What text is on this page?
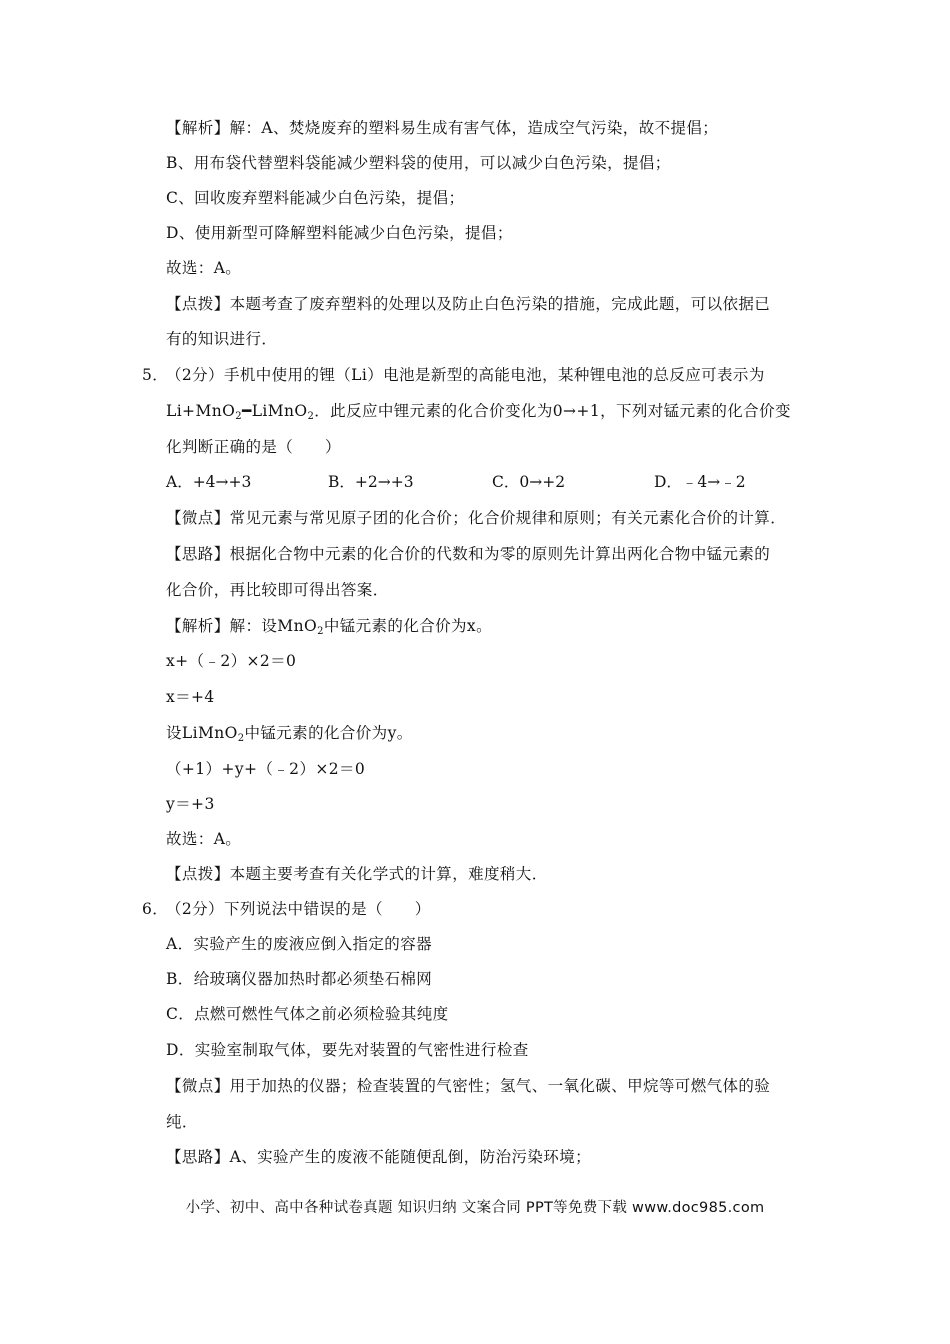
【解析】解：A、焚烧废弃的塑料易生成有害气体，造成空气污染，故不提倡；
B、用布袋代替塑料袋能减少塑料袋的使用，可以减少白色污染，提倡；
C、回收废弃塑料能减少白色污染，提倡；
D、使用新型可降解塑料能减少白色污染，提倡；
故选：A。
【点拨】本题考查了废弃塑料的处理以及防止白色污染的措施，完成此题，可以依据已
有的知识进行．
5．
（2分）手机中使用的锂（Li）电池是新型的高能电池，某种锂电池的总反应可表示为
Li+MnO$_2$━LiMnO$_2$．此反应中锂元素的化合价变化为0→+1，下列对锰元素的化合价变
化判断正确的是（　　）
A．+4→+3	B．+2→+3	C．0→+2	D．﹣4→﹣2
【微点】常见元素与常见原子团的化合价；化合价规律和原则；有关元素化合价的计算．
【思路】根据化合物中元素的化合价的代数和为零的原则先计算出两化合物中锰元素的
化合价，再比较即可得出答案．
【解析】解：设MnO$_2$中锰元素的化合价为x。
x+（﹣2）×2＝0
x＝+4
设LiMnO$_2$中锰元素的化合价为y。
（+1）+y+（﹣2）×2＝0
y＝+3
故选：A。
【点拨】本题主要考查有关化学式的计算，难度稍大．
6．
（2分）下列说法中错误的是（　　）
A．实验产生的废液应倒入指定的容器
B．给玻璃仪器加热时都必须垫石棉网
C．点燃可燃性气体之前必须检验其纯度
D．实验室制取气体，要先对装置的气密性进行检查
【微点】用于加热的仪器；检查装置的气密性；氢气、一氧化碳、甲烷等可燃气体的验
纯．
【思路】A、实验产生的废液不能随便乱倒，防治污染环境；
小学、初中、高中各种试卷真题 知识归纳 文案合同 PPT等免费下载 www.doc985.com
